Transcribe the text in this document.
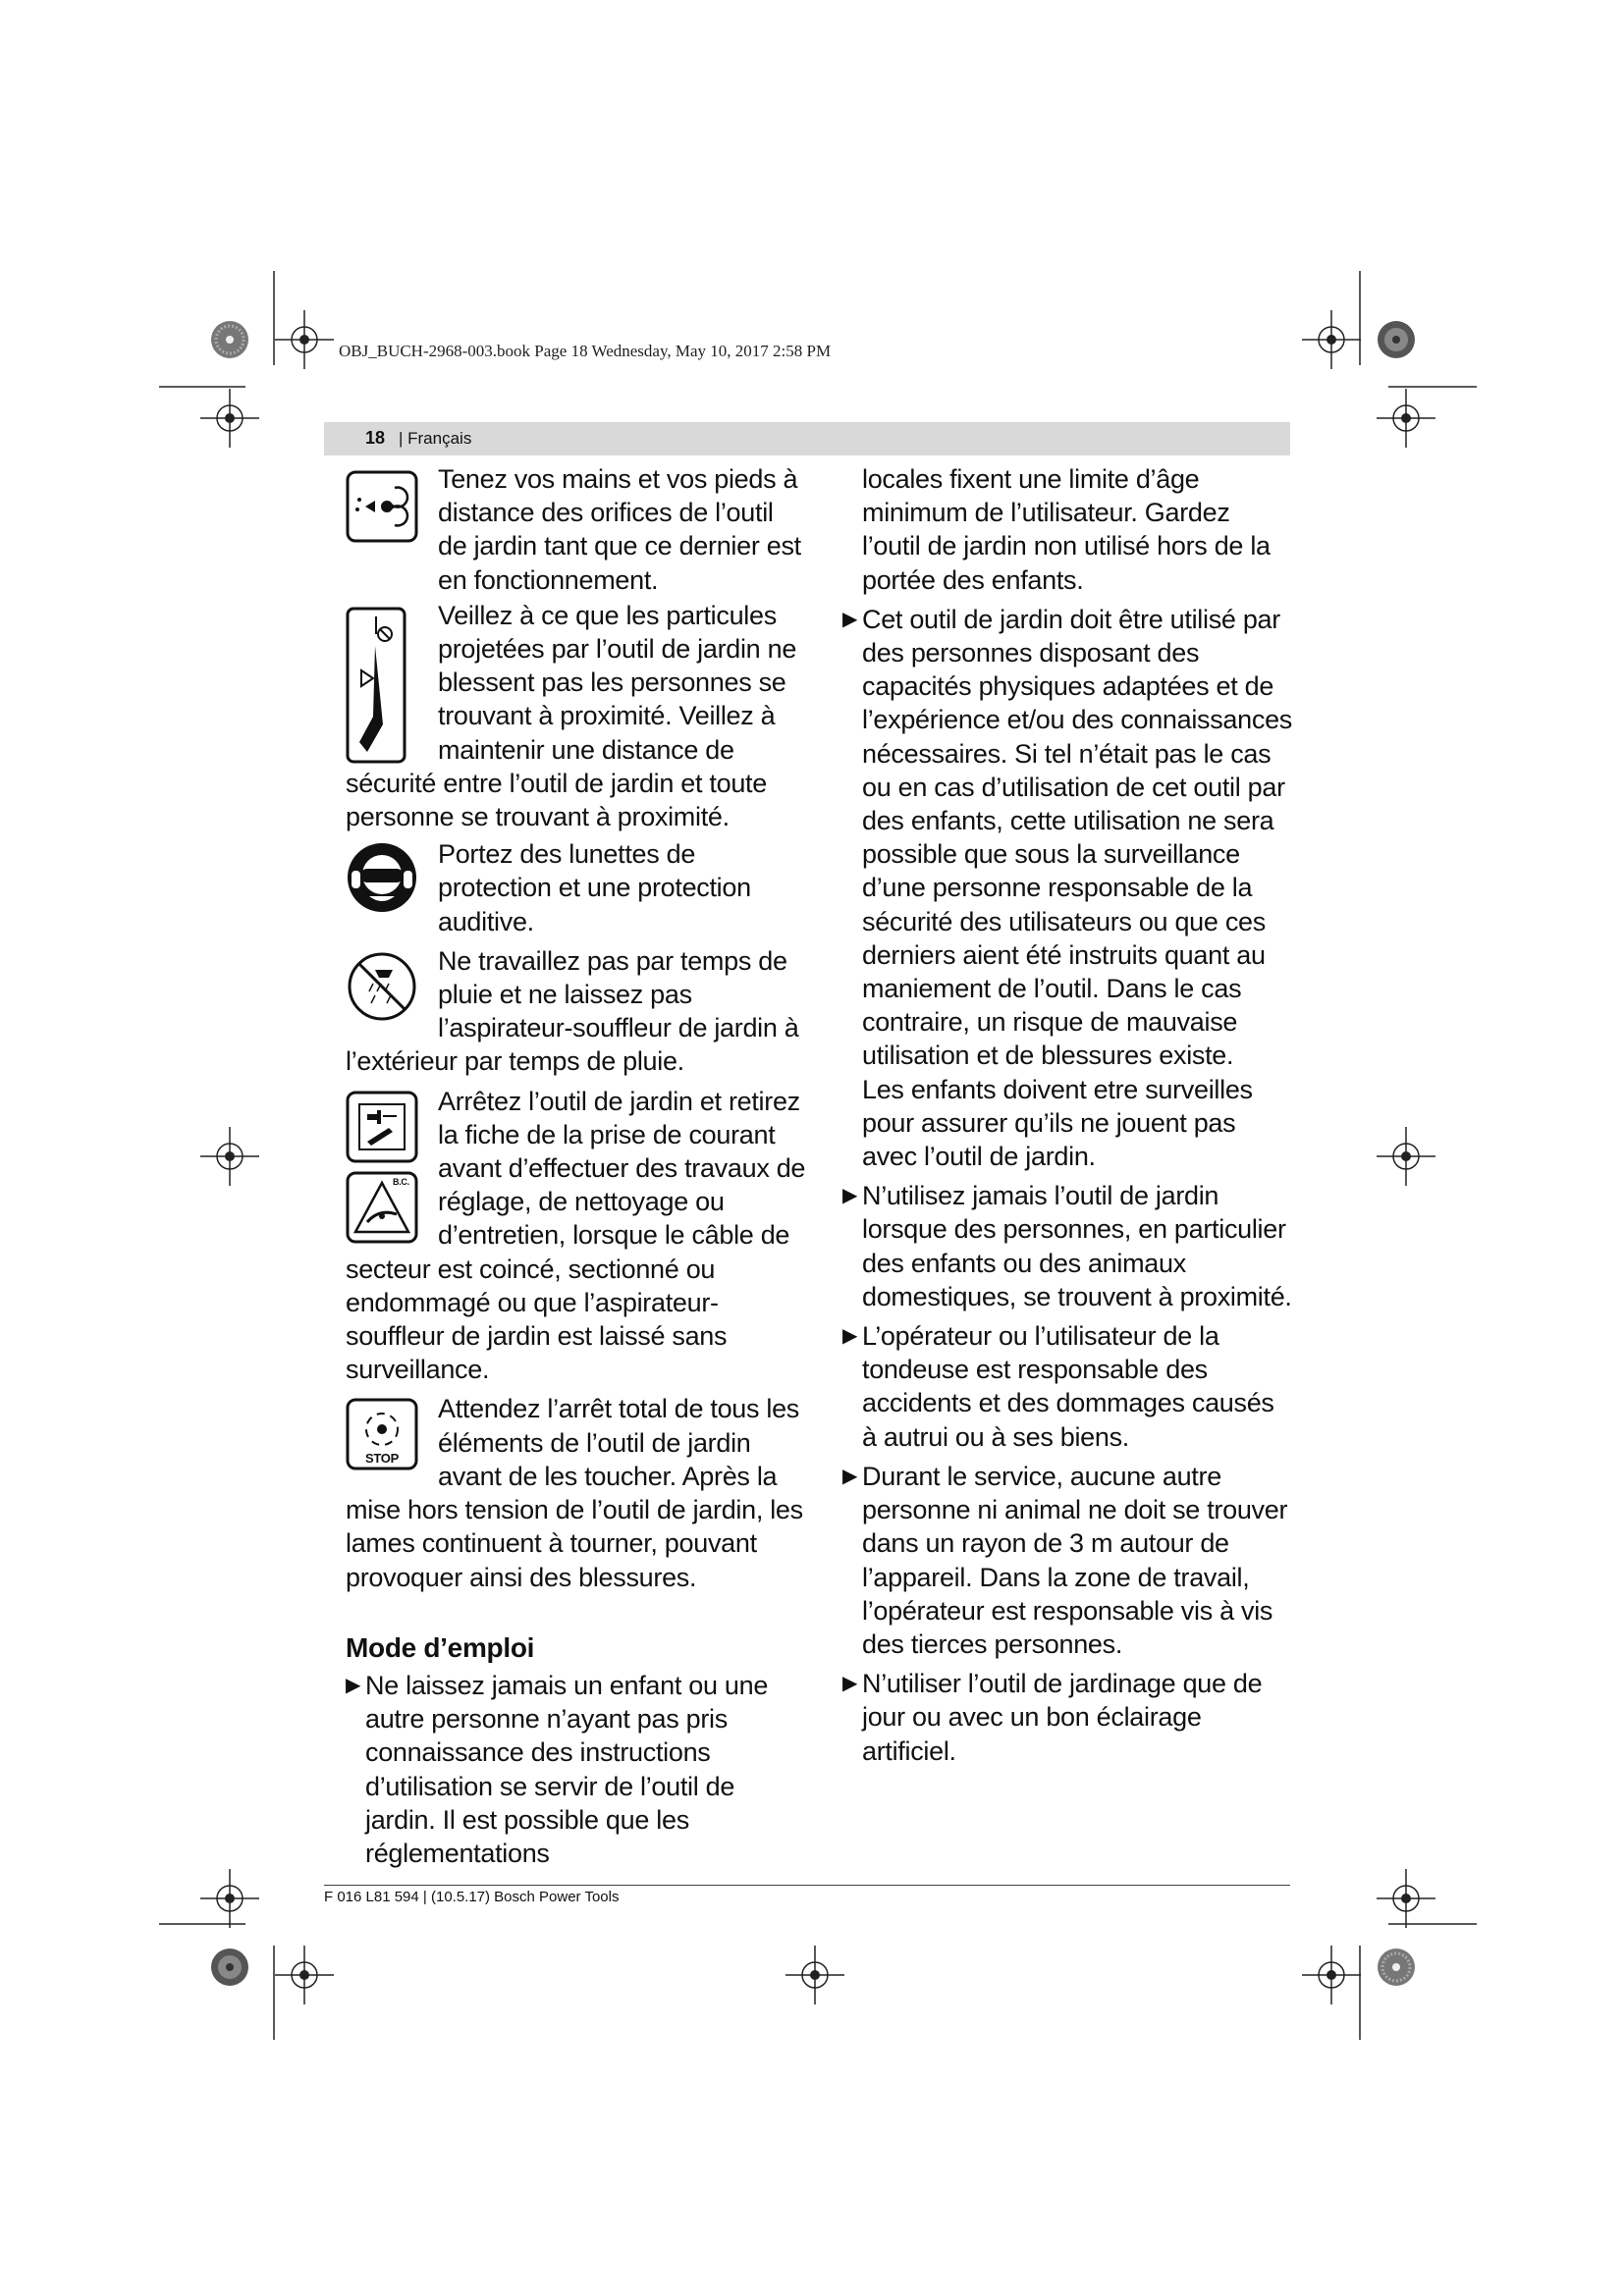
OBJ_BUCH-2968-003.book Page 18 Wednesday, May 10, 2017 2:58 PM
18 | Français

Tenez vos mains et vos pieds à distance des orifices de l’outil de jardin tant que ce dernier est en fonctionnement.

Veillez à ce que les particules projetées par l’outil de jardin ne blessent pas les personnes se trouvant à proximité. Veillez à maintenir une distance de sécurité entre l’outil de jardin et toute personne se trouvant à proximité.

Portez des lunettes de protection et une protection auditive.

Ne travaillez pas par temps de pluie et ne laissez pas l’aspirateur-souffleur de jardin à l’extérieur par temps de pluie.

B.C.

Arrêtez l’outil de jardin et retirez la fiche de la prise de courant avant d’effectuer des travaux de réglage, de nettoyage ou d’entretien, lorsque le câble de secteur est coincé, sectionné ou endommagé ou que l’aspirateur-souffleur de jardin est laissé sans surveillance.

STOP

Attendez l’arrêt total de tous les éléments de l’outil de jardin avant de les toucher. Après la mise hors tension de l’outil de jardin, les lames continuent à tourner, pouvant provoquer ainsi des blessures.

Mode d’emploi
▶ Ne laissez jamais un enfant ou une autre personne n’ayant pas pris connaissance des instructions d’utilisation se servir de l’outil de jardin. Il est possible que les réglementations

locales fixent une limite d’âge minimum de l’utilisateur. Gardez l’outil de jardin non utilisé hors de la portée des enfants.

▶ Cet outil de jardin doit être utilisé par des personnes disposant des capacités physiques adaptées et de l’expérience et/ou des connaissances nécessaires. Si tel n’était pas le cas ou en cas d’utilisation de cet outil par des enfants, cette utilisation ne sera possible que sous la surveillance d’une personne responsable de la sécurité des utilisateurs ou que ces derniers aient été instruits quant au maniement de l’outil. Dans le cas contraire, un risque de mauvaise utilisation et de blessures existe.

Les enfants doivent etre surveilles pour assurer qu’ils ne jouent pas avec l’outil de jardin.

▶ N’utilisez jamais l’outil de jardin lorsque des personnes, en particulier des enfants ou des animaux domestiques, se trouvent à proximité.
▶ L’opérateur ou l’utilisateur de la tondeuse est responsable des accidents et des dommages causés à autrui ou à ses biens.
▶ Durant le service, aucune autre personne ni animal ne doit se trouver dans un rayon de 3 m autour de l’appareil. Dans la zone de travail, l’opérateur est responsable vis à vis des tierces personnes.
▶ N’utiliser l’outil de jardinage que de jour ou avec un bon éclairage artificiel.
F 016 L81 594 | (10.5.17) Bosch Power Tools
